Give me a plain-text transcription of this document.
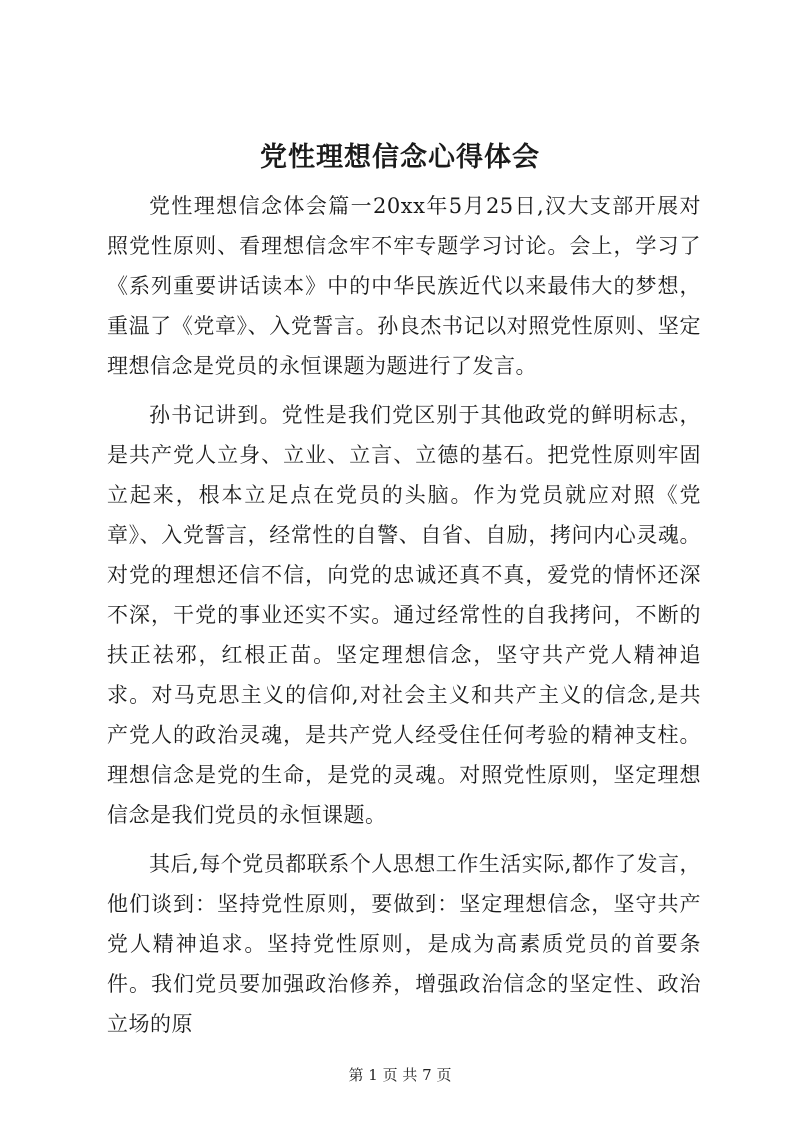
党性理想信念心得体会

党性理想信念体会篇一20xx年5月25日,汉大支部开展对照党性原则、看理想信念牢不牢专题学习讨论。会上，学习了《系列重要讲话读本》中的中华民族近代以来最伟大的梦想，重温了《党章》、入党誓言。孙良杰书记以对照党性原则、坚定理想信念是党员的永恒课题为题进行了发言。

孙书记讲到。党性是我们党区别于其他政党的鲜明标志，是共产党人立身、立业、立言、立德的基石。把党性原则牢固立起来，根本立足点在党员的头脑。作为党员就应对照《党章》、入党誓言，经常性的自警、自省、自励，拷问内心灵魂。对党的理想还信不信，向党的忠诚还真不真，爱党的情怀还深不深，干党的事业还实不实。通过经常性的自我拷问，不断的扶正祛邪，红根正苗。坚定理想信念，坚守共产党人精神追求。对马克思主义的信仰,对社会主义和共产主义的信念,是共产党人的政治灵魂，是共产党人经受住任何考验的精神支柱。理想信念是党的生命，是党的灵魂。对照党性原则，坚定理想信念是我们党员的永恒课题。

其后,每个党员都联系个人思想工作生活实际,都作了发言，他们谈到：坚持党性原则，要做到：坚定理想信念，坚守共产党人精神追求。坚持党性原则，是成为高素质党员的首要条件。我们党员要加强政治修养，增强政治信念的坚定性、政治立场的原

第 1 页 共 7 页
